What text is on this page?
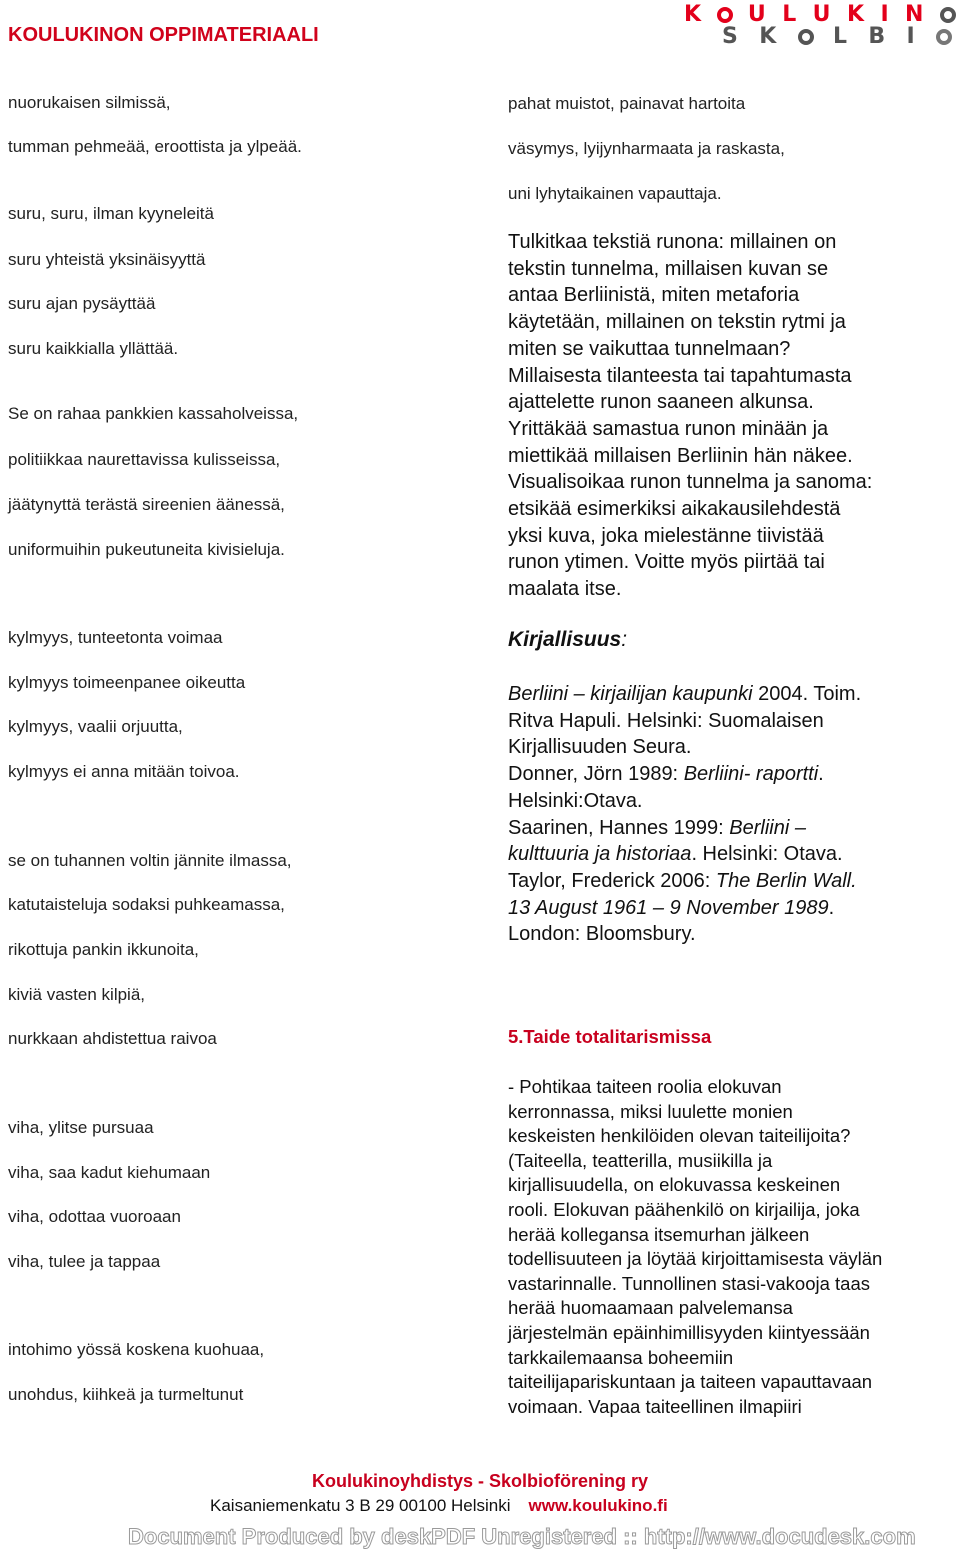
KOULUKINON OPPIMATERIAALI
K U L U K I N
S K L B I
nuorukaisen silmissä,
tumman pehmeää, eroottista ja ylpeää.
suru, suru, ilman kyyneleitä
suru yhteistä yksinäisyyttä
suru ajan pysäyttää
suru kaikkialla yllättää.
Se on rahaa pankkien kassaholveissa,
politiikkaa naurettavissa kulisseissa,
jäätynyttä terästä sireenien äänessä,
uniformuihin pukeutuneita kivisieluja.
kylmyys, tunteetonta voimaa
kylmyys toimeenpanee oikeutta
kylmyys, vaalii orjuutta,
kylmyys ei anna mitään toivoa.
se on tuhannen voltin jännite ilmassa,
katutaisteluja sodaksi puhkeamassa,
rikottuja pankin ikkunoita,
kiviä vasten kilpiä,
nurkkaan ahdistettua raivoa
viha, ylitse pursuaa
viha, saa kadut kiehumaan
viha, odottaa vuoroaan
viha, tulee ja tappaa
intohimo yössä koskena kuohuaa,
unohdus, kiihkeä ja turmeltunut
pahat muistot, painavat hartoita
väsymys, lyijynharmaata ja raskasta,
uni lyhytaikainen vapauttaja.
Tulkitkaa tekstiä runona: millainen on
tekstin tunnelma, millaisen kuvan se
antaa Berliinistä, miten metaforia
käytetään, millainen on tekstin rytmi ja
miten se vaikuttaa tunnelmaan?
Millaisesta tilanteesta tai tapahtumasta
ajattelette runon saaneen alkunsa.
Yrittäkää samastua runon minään ja
miettikää millaisen Berliinin hän näkee.
Visualisoikaa runon tunnelma ja sanoma:
etsikää esimerkiksi aikakausilehdestä
yksi kuva, joka mielestänne tiivistää
runon ytimen. Voitte myös piirtää tai
maalata itse.
Kirjallisuus:
Berliini – kirjailijan kaupunki 2004. Toim.
Ritva Hapuli. Helsinki: Suomalaisen
Kirjallisuuden Seura.
Donner, Jörn 1989: Berliini- raportti.
Helsinki:Otava.
Saarinen, Hannes 1999: Berliini –
kulttuuria ja historiaa. Helsinki: Otava.
Taylor, Frederick 2006: The Berlin Wall.
13 August 1961 – 9 November 1989.
London: Bloomsbury.
5.Taide totalitarismissa
- Pohtikaa taiteen roolia elokuvan
kerronnassa, miksi luulette monien
keskeisten henkilöiden olevan taiteilijoita?
(Taiteella, teatterilla, musiikilla ja
kirjallisuudella, on elokuvassa keskeinen
rooli. Elokuvan päähenkilö on kirjailija, joka
herää kollegansa itsemurhan jälkeen
todellisuuteen ja löytää kirjoittamisesta väylän
vastarinnalle. Tunnollinen stasi-vakooja taas
herää huomaamaan palvelemansa
järjestelmän epäinhimillisyyden kiintyessään
tarkkailemaansa boheemiin
taiteilijapariskuntaan ja taiteen vapauttavaan
voimaan. Vapaa taiteellinen ilmapiiri
Koulukinoyhdistys - Skolbioförening ry
Kaisaniemenkatu 3 B 29 00100 Helsinki www.koulukino.fi
Document Produced by deskPDF Unregistered :: http://www.docudesk.com
